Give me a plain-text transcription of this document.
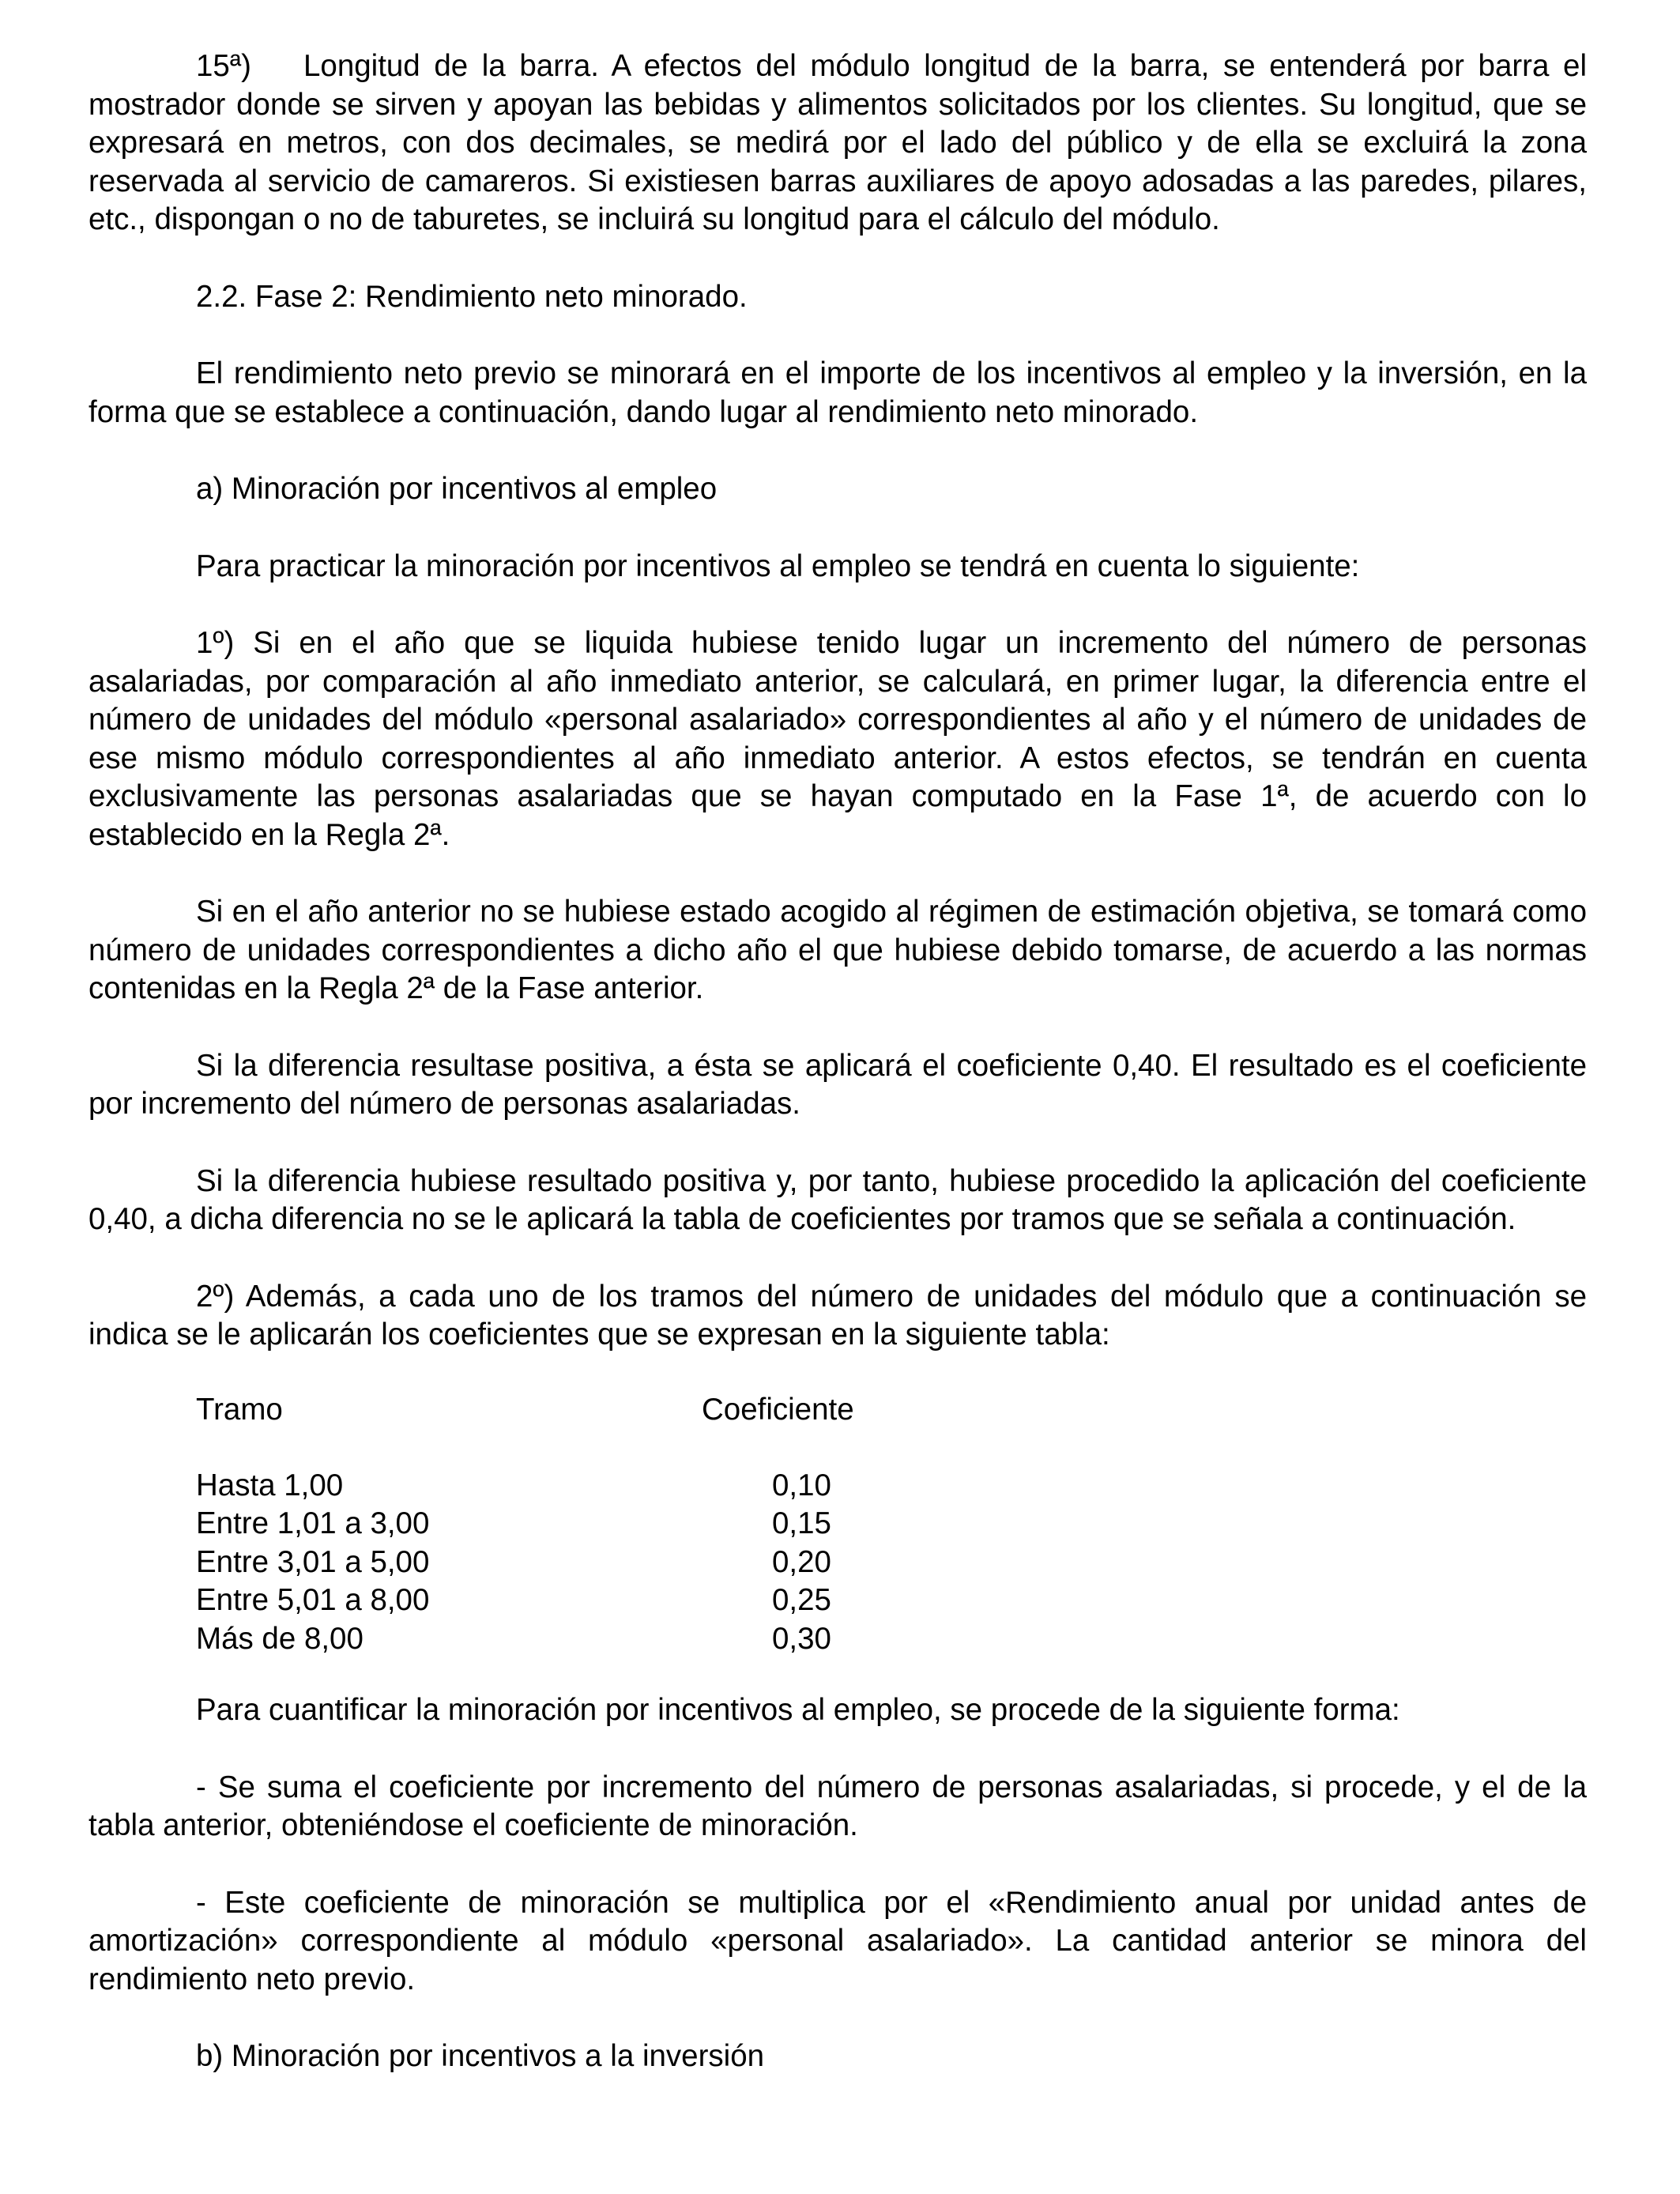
15ª) Longitud de la barra. A efectos del módulo longitud de la barra, se entenderá por barra el mostrador donde se sirven y apoyan las bebidas y alimentos solicitados por los clientes. Su longitud, que se expresará en metros, con dos decimales, se medirá por el lado del público y de ella se excluirá la zona reservada al servicio de camareros. Si existiesen barras auxiliares de apoyo adosadas a las paredes, pilares, etc., dispongan o no de taburetes, se incluirá su longitud para el cálculo del módulo.

2.2. Fase 2: Rendimiento neto minorado.

El rendimiento neto previo se minorará en el importe de los incentivos al empleo y la inversión, en la forma que se establece a continuación, dando lugar al rendimiento neto minorado.

a) Minoración por incentivos al empleo

Para practicar la minoración por incentivos al empleo se tendrá en cuenta lo siguiente:

1º) Si en el año que se liquida hubiese tenido lugar un incremento del número de personas asalariadas, por comparación al año inmediato anterior, se calculará, en primer lugar, la diferencia entre el número de unidades del módulo «personal asalariado» correspondientes al año y el número de unidades de ese mismo módulo correspondientes al año inmediato anterior. A estos efectos, se tendrán en cuenta exclusivamente las personas asalariadas que se hayan computado en la Fase 1ª, de acuerdo con lo establecido en la Regla 2ª.

Si en el año anterior no se hubiese estado acogido al régimen de estimación objetiva, se tomará como número de unidades correspondientes a dicho año el que hubiese debido tomarse, de acuerdo a las normas contenidas en la Regla 2ª de la Fase anterior.

Si la diferencia resultase positiva, a ésta se aplicará el coeficiente 0,40. El resultado es el coeficiente por incremento del número de personas asalariadas.

Si la diferencia hubiese resultado positiva y, por tanto, hubiese procedido la aplicación del coeficiente 0,40, a dicha diferencia no se le aplicará la tabla de coeficientes por tramos que se señala a continuación.

2º) Además, a cada uno de los tramos del número de unidades del módulo que a continuación se indica se le aplicarán los coeficientes que se expresan en la siguiente tabla:

Tramo	Coeficiente
Hasta 1,00	0,10
Entre 1,01 a 3,00	0,15
Entre 3,01 a 5,00	0,20
Entre 5,01 a 8,00	0,25
Más de 8,00	0,30

Para cuantificar la minoración por incentivos al empleo, se procede de la siguiente forma:

- Se suma el coeficiente por incremento del número de personas asalariadas, si procede, y el de la tabla anterior, obteniéndose el coeficiente de minoración.

- Este coeficiente de minoración se multiplica por el «Rendimiento anual por unidad antes de amortización» correspondiente al módulo «personal asalariado». La cantidad anterior se minora del rendimiento neto previo.

b) Minoración por incentivos a la inversión
